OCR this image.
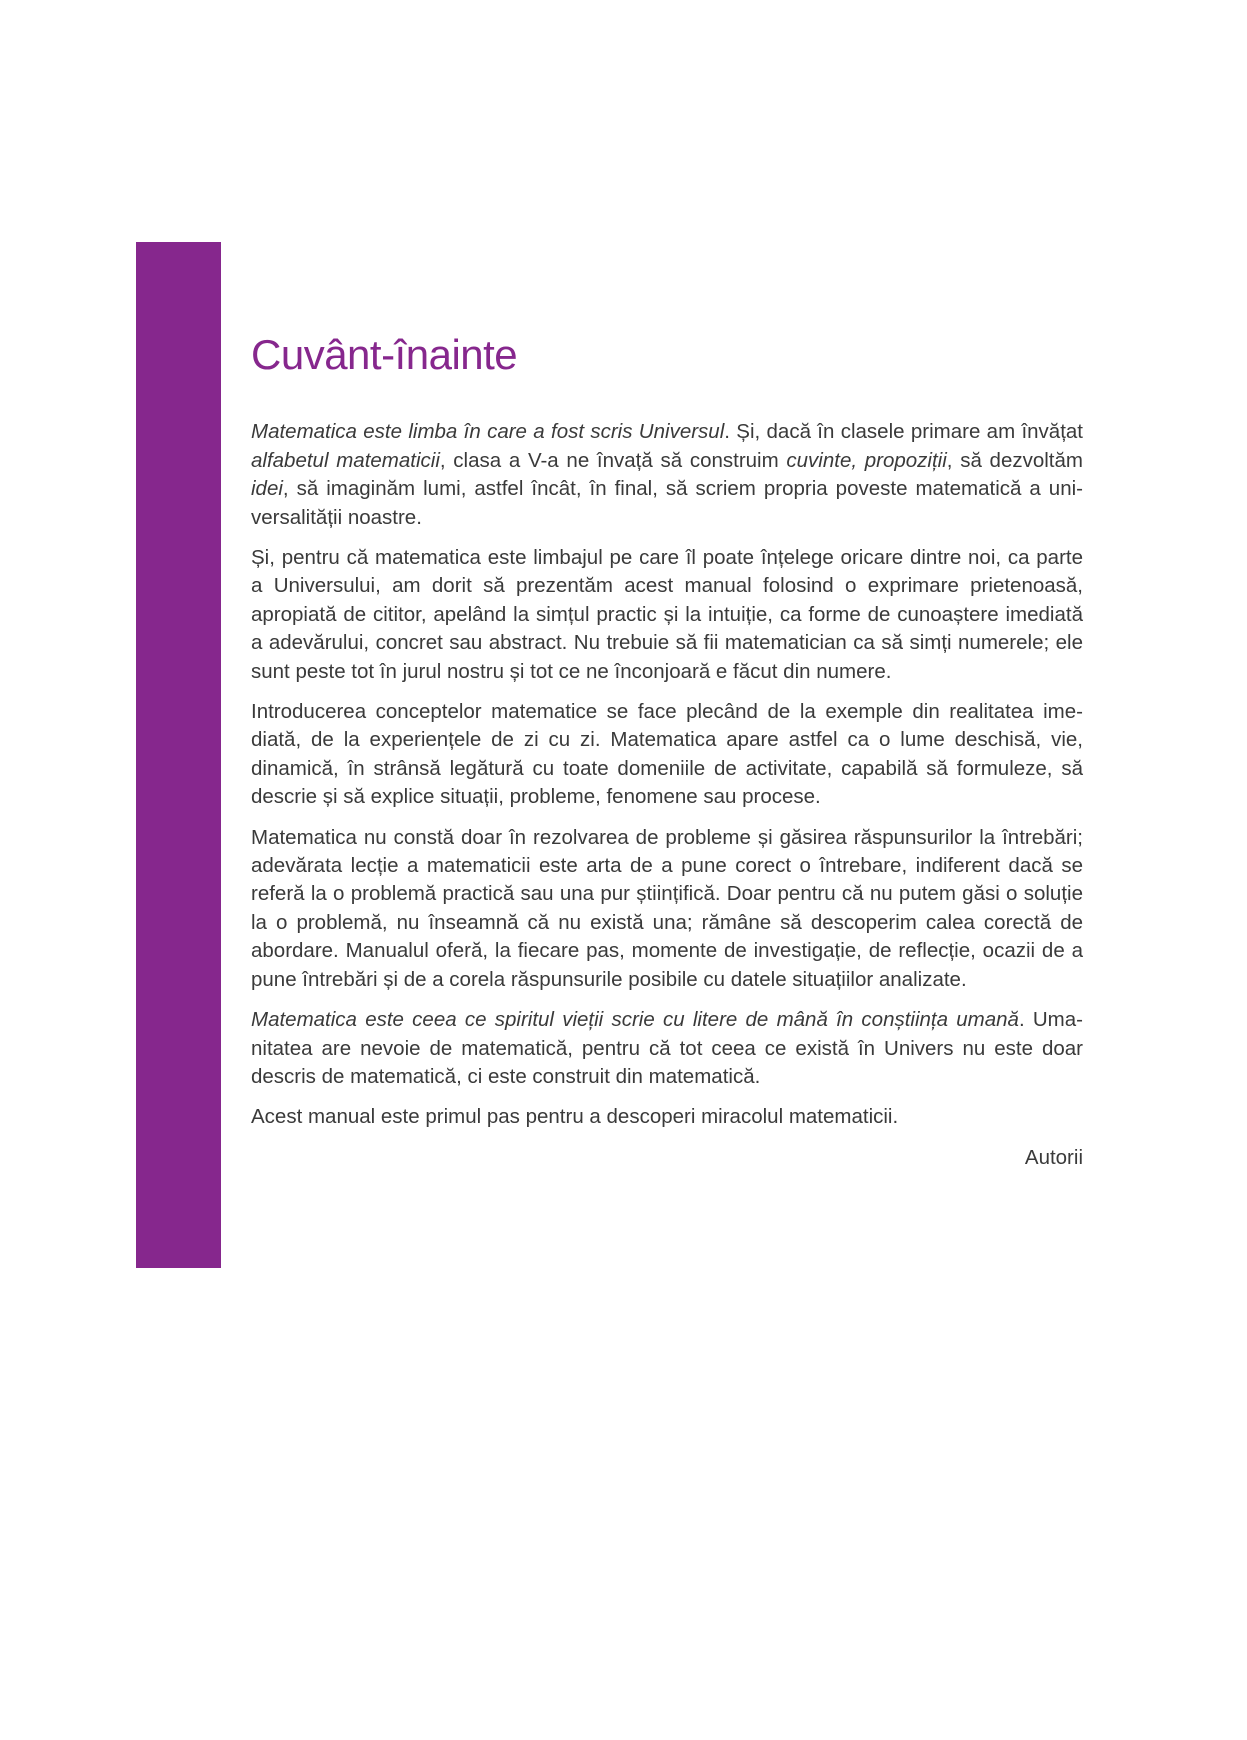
Cuvânt-înainte

Matematica este limba în care a fost scris Universul. Și, dacă în clasele primare am învățat alfabetul matematicii, clasa a V-a ne învață să construim cuvinte, propoziții, să dezvoltăm idei, să imaginăm lumi, astfel încât, în final, să scriem propria poveste matematică a universalității noastre.

Și, pentru că matematica este limbajul pe care îl poate înțelege oricare dintre noi, ca parte a Universului, am dorit să prezentăm acest manual folosind o exprimare prietenoasă, apropiată de cititor, apelând la simțul practic și la intuiție, ca forme de cunoaștere imediată a adevărului, concret sau abstract. Nu trebuie să fii matematician ca să simți numerele; ele sunt peste tot în jurul nostru și tot ce ne înconjoară e făcut din numere.

Introducerea conceptelor matematice se face plecând de la exemple din realitatea imediată, de la experiențele de zi cu zi. Matematica apare astfel ca o lume deschisă, vie, dinamică, în strânsă legătură cu toate domeniile de activitate, capabilă să formuleze, să descrie și să explice situații, probleme, fenomene sau procese.

Matematica nu constă doar în rezolvarea de probleme și găsirea răspunsurilor la întrebări; adevărata lecție a matematicii este arta de a pune corect o întrebare, indiferent dacă se referă la o problemă practică sau una pur științifică. Doar pentru că nu putem găsi o soluție la o problemă, nu înseamnă că nu există una; rămâne să descoperim calea corectă de abordare. Manualul oferă, la fiecare pas, momente de investigație, de reflecție, ocazii de a pune întrebări și de a corela răspunsurile posibile cu datele situațiilor analizate.

Matematica este ceea ce spiritul vieții scrie cu litere de mână în conștiința umană. Umanitatea are nevoie de matematică, pentru că tot ceea ce există în Univers nu este doar descris de matematică, ci este construit din matematică.

Acest manual este primul pas pentru a descoperi miracolul matematicii.

Autorii
